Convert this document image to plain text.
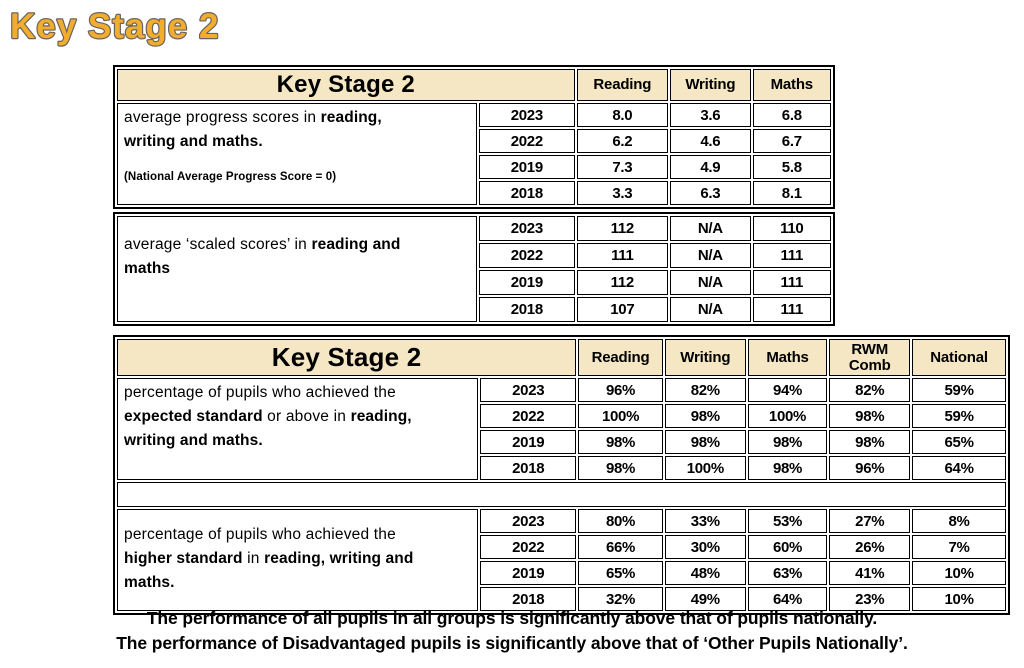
Key Stage 2
Key Stage 2		Reading	Writing	Maths

average progress scores in reading,
writing and maths.
(National Average Progress Score = 0)	2023	8.0	3.6	6.8
	2022	6.2	4.6	6.7
	2019	7.3	4.9	5.8
	2018	3.3	6.3	8.1
average ‘scaled scores’ in reading and
maths	2023	112	N/A	110
	2022	111	N/A	111
	2019	112	N/A	111
	2018	107	N/A	111
Key Stage 2		Reading	Writing	Maths	RWM Comb	National

percentage of pupils who achieved the
expected standard or above in reading,
writing and maths.	2023	96%	82%	94%	82%	59%
	2022	100%	98%	100%	98%	59%
	2019	98%	98%	98%	98%	65%
	2018	98%	100%	98%	96%	64%

percentage of pupils who achieved the
higher standard in reading, writing and
maths.	2023	80%	33%	53%	27%	8%
	2022	66%	30%	60%	26%	7%
	2019	65%	48%	63%	41%	10%
	2018	32%	49%	64%	23%	10%
The performance of all pupils in all groups is significantly above that of pupils nationally.
The performance of Disadvantaged pupils is significantly above that of ‘Other Pupils Nationally’.
